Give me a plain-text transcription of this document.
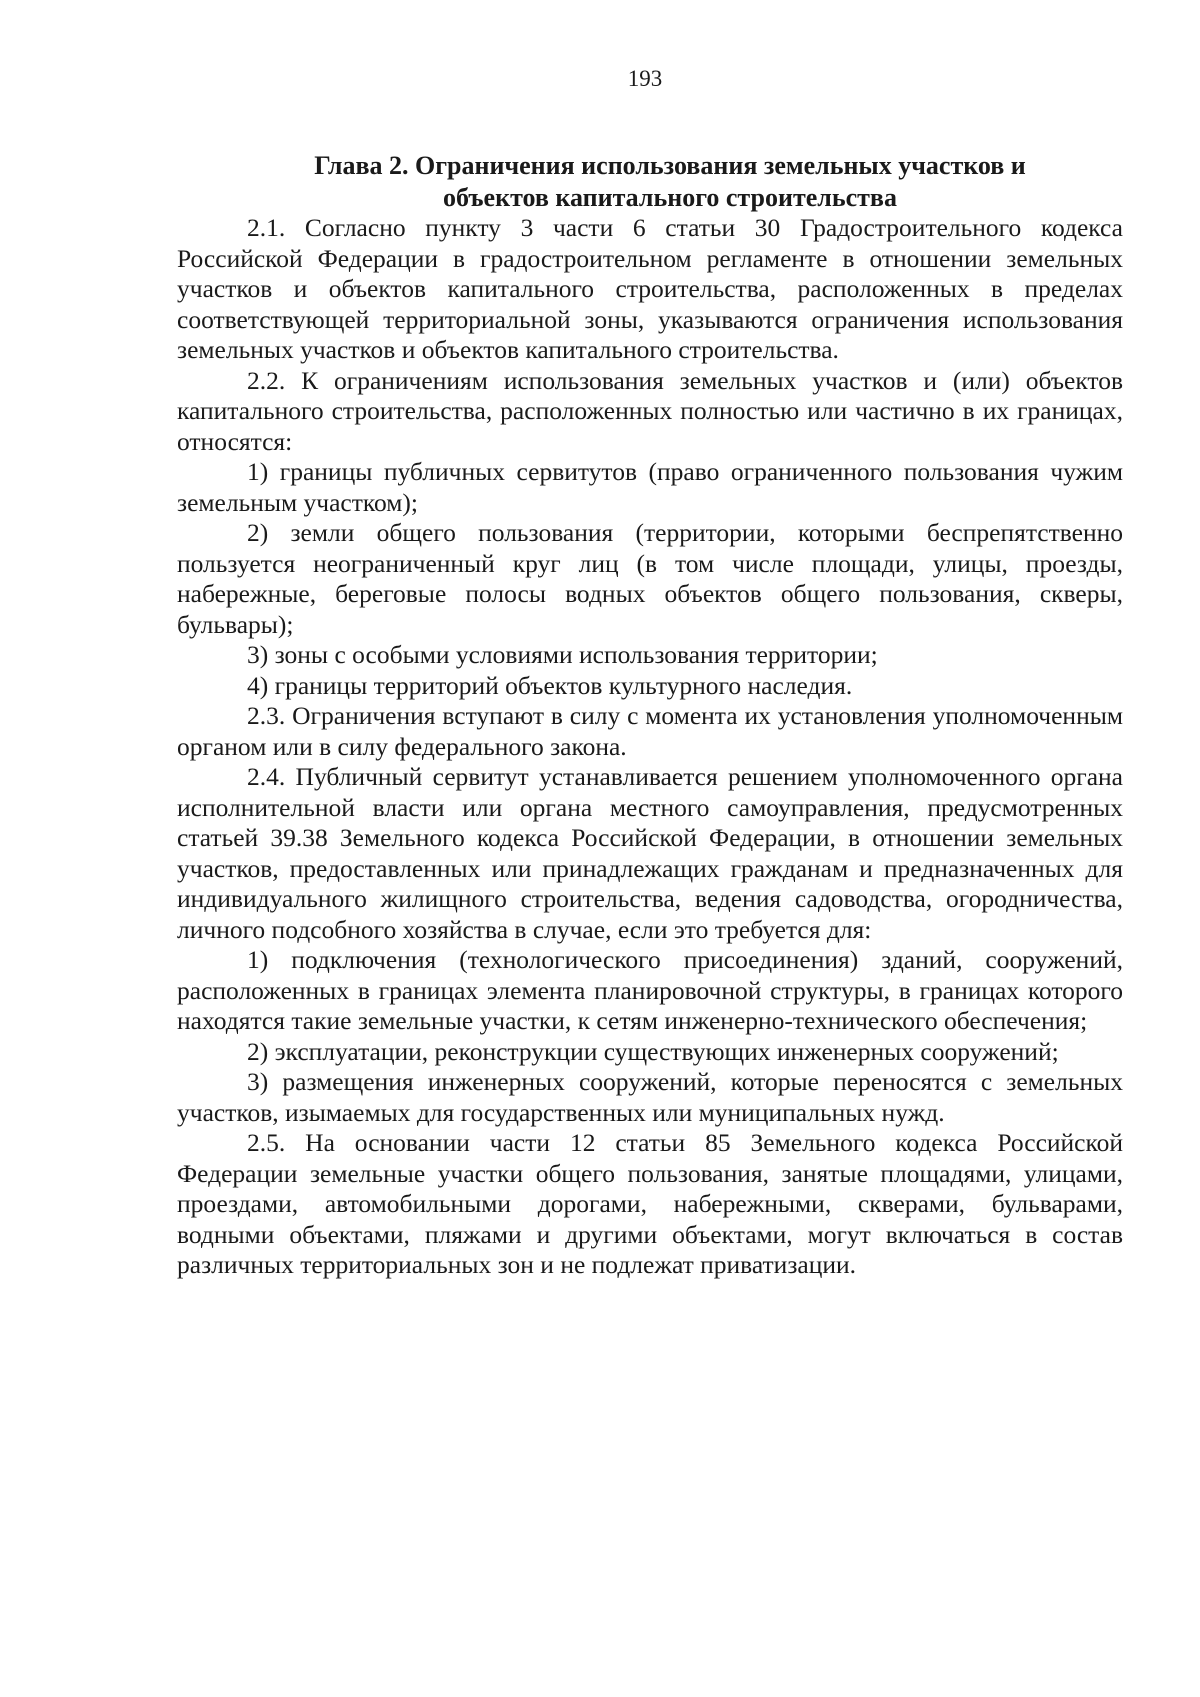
193
Глава 2. Ограничения использования земельных участков и
объектов капитального строительства

2.1. Согласно пункту 3 части 6 статьи 30 Градостроительного кодекса Российской Федерации в градостроительном регламенте в отношении земельных участков и объектов капитального строительства, расположенных в пределах соответствующей территориальной зоны, указываются ограничения использования земельных участков и объектов капитального строительства.

2.2. К ограничениям использования земельных участков и (или) объектов капитального строительства, расположенных полностью или частично в их границах, относятся:

1) границы публичных сервитутов (право ограниченного пользования чужим земельным участком);

2) земли общего пользования (территории, которыми беспрепятственно пользуется неограниченный круг лиц (в том числе площади, улицы, проезды, набережные, береговые полосы водных объектов общего пользования, скверы, бульвары);

3) зоны с особыми условиями использования территории;

4) границы территорий объектов культурного наследия.

2.3. Ограничения вступают в силу с момента их установления уполномоченным органом или в силу федерального закона.

2.4. Публичный сервитут устанавливается решением уполномоченного органа исполнительной власти или органа местного самоуправления, предусмотренных статьей 39.38 Земельного кодекса Российской Федерации, в отношении земельных участков, предоставленных или принадлежащих гражданам и предназначенных для индивидуального жилищного строительства, ведения садоводства, огородничества, личного подсобного хозяйства в случае, если это требуется для:

1) подключения (технологического присоединения) зданий, сооружений, расположенных в границах элемента планировочной структуры, в границах которого находятся такие земельные участки, к сетям инженерно-технического обеспечения;

2) эксплуатации, реконструкции существующих инженерных сооружений;

3) размещения инженерных сооружений, которые переносятся с земельных участков, изымаемых для государственных или муниципальных нужд.

2.5. На основании части 12 статьи 85 Земельного кодекса Российской Федерации земельные участки общего пользования, занятые площадями, улицами, проездами, автомобильными дорогами, набережными, скверами, бульварами, водными объектами, пляжами и другими объектами, могут включаться в состав различных территориальных зон и не подлежат приватизации.
